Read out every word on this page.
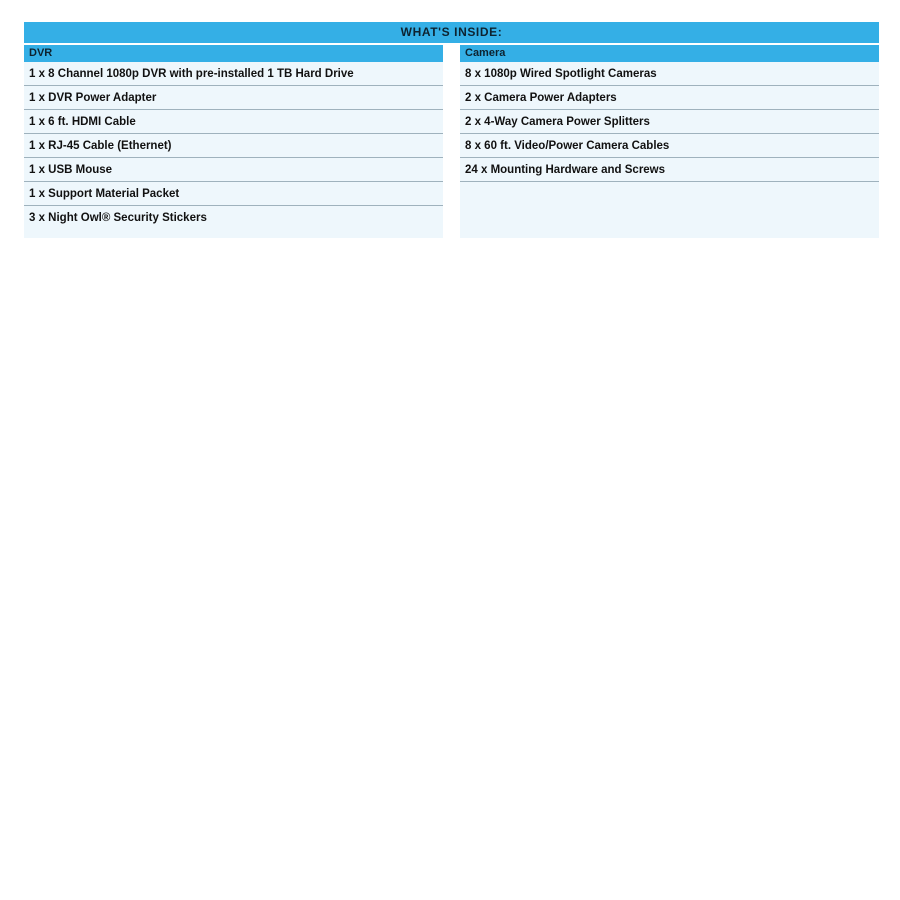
WHAT'S INSIDE:
DVR
1 x 8 Channel 1080p DVR with pre-installed 1 TB Hard Drive
1 x DVR Power Adapter
1 x 6 ft. HDMI Cable
1 x RJ-45 Cable (Ethernet)
1 x USB Mouse
1 x Support Material Packet
3 x Night Owl® Security Stickers
Camera
8 x 1080p Wired Spotlight Cameras
2 x Camera Power Adapters
2 x 4-Way Camera Power Splitters
8 x 60 ft. Video/Power Camera Cables
24 x Mounting Hardware and Screws
